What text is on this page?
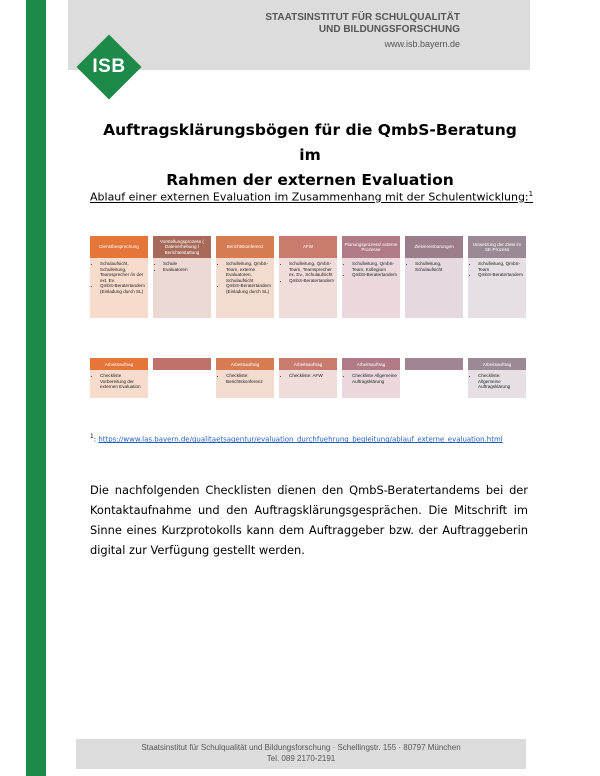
STAATSINSTITUT FÜR SCHULQUALITÄT
UND BILDUNGSFORSCHUNG
www.isb.bayern.de
ISB
Auftragsklärungsbögen für die QmbS-Beratung im
Rahmen der externen Evaluation
Ablauf einer externen Evaluation im Zusammenhang mit der Schulentwicklung:$^1$
Dienstbesprechung
• Schulaufsicht, Schulleitung, Teamsprecher /in der ext. Ev.
• QmbS-Beratertandem (Einladung durch SL)
Vorstellungsprozess ( Datenerhebung / Berichterstattung
• Schule
• Evaluatoren
Berichtskonferenz
• Schulleitung, QmbS-Team, externe Evaluatoren, Schulaufsicht
• QmbS-Beratertandem (Einladung durch SL)
AFW
• Schulleitung, QmbS-Team, Teamsprecher ex. Ev., Schulaufsicht
• QmbS-Beratertandem
Planungsprozess/ externe Prozesse
• Schulleitung, QmbS-Team, Kollegium
• QmbS-Beratertandem
Zielvereinbarungen
• Schulleitung, Schulaufsicht
Umsetzung der Ziele im SE-Prozess
• Schulleitung, QmbS-Team
• QmbS-Beratertandem
Arbeitsauftrag
• Checkliste Vorbereitung der externen Evaluation
Arbeitsauftrag
• Checkliste: Berichtskonferenz
Arbeitsauftrag
• Checkliste: AFW
Arbeitsauftrag
• Checkliste Allgemeine Auftragsklärung
Arbeitsauftrag
• Checkliste: Allgemeine Auftragsklärung
$^1$: https://www.las.bayern.de/qualitaetsagentur/evaluation_durchfuehrung_begleitung/ablauf_externe_evaluation.html
Die nachfolgenden Checklisten dienen den QmbS-Beratertandems bei der Kontaktaufnahme und den Auftragsklärungsgesprächen. Die Mitschrift im Sinne eines Kurzprotokolls kann dem Auftraggeber bzw. der Auftraggeberin digital zur Verfügung gestellt werden.
Staatsinstitut für Schulqualität und Bildungsforschung · Schellingstr. 155 · 80797 München
Tel. 089 2170-2191
